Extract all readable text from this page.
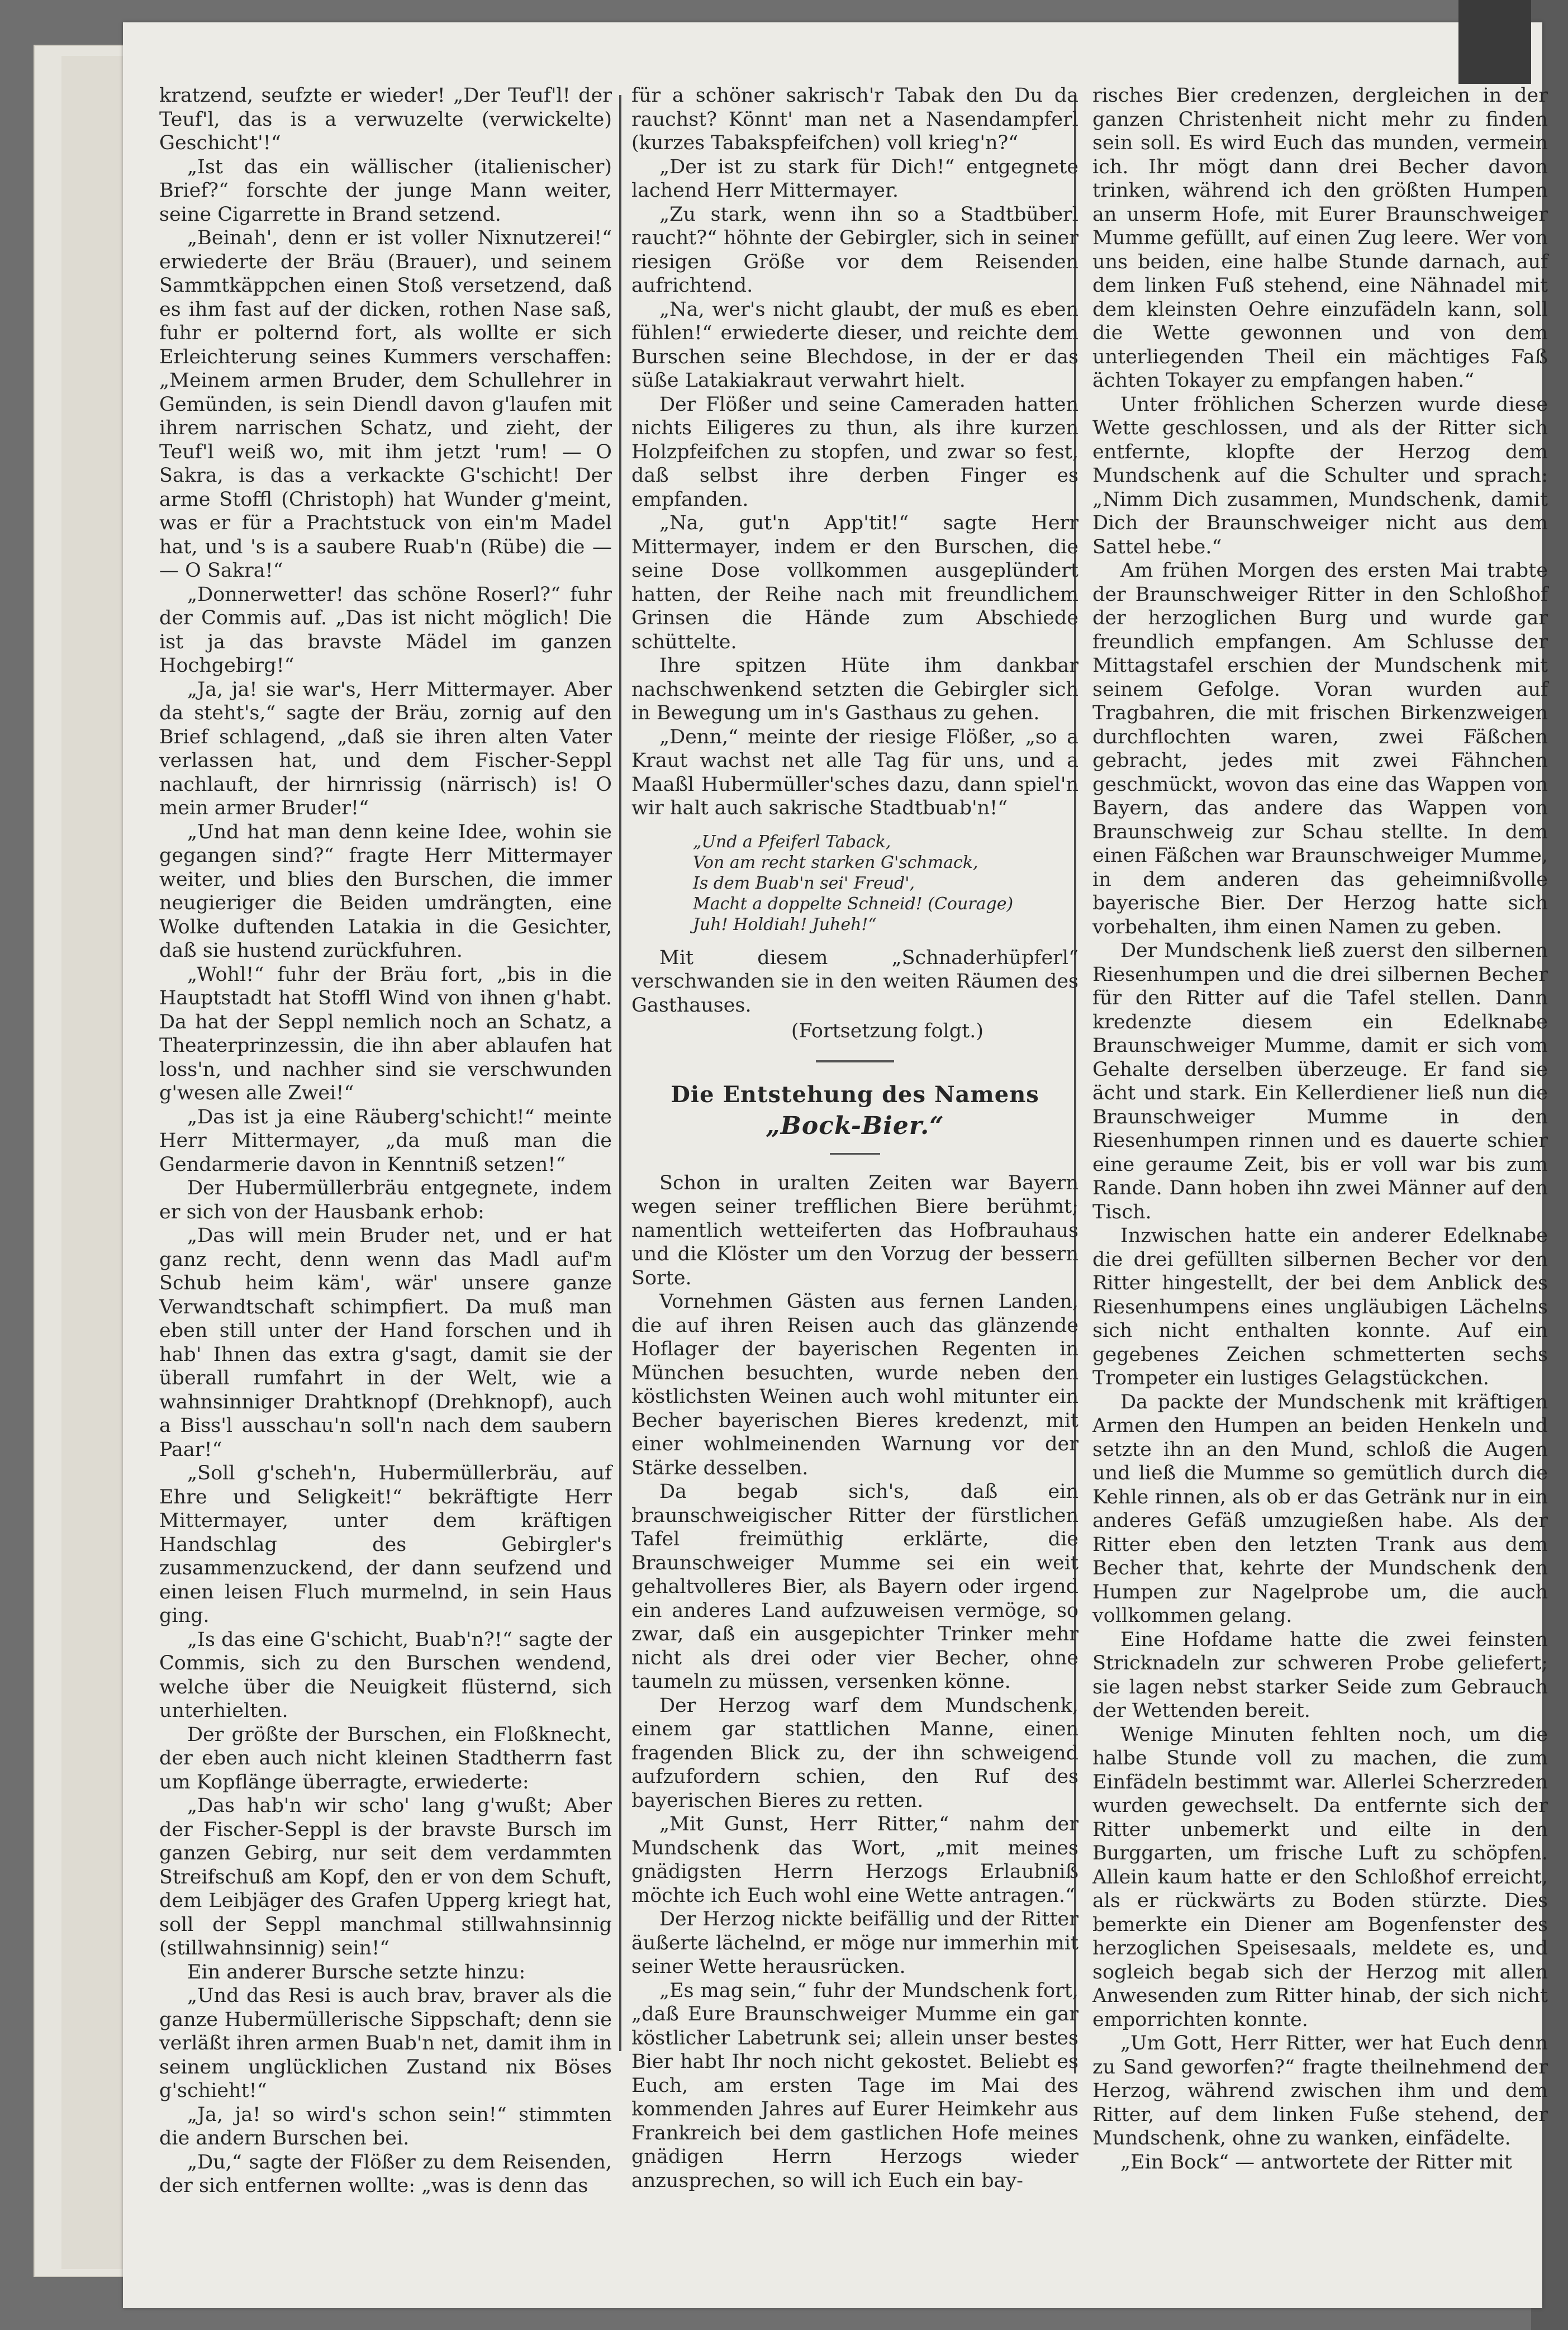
kratzend, seufzte er wieder! „Der Teuf'l! der Teuf'l, das is a verwuzelte (verwickelte) Geschicht'!“

„Ist das ein wällischer (italienischer) Brief?“ forschte der junge Mann weiter, seine Cigarrette in Brand setzend.

„Beinah', denn er ist voller Nixnutzerei!“ erwiederte der Bräu (Brauer), und seinem Sammtkäppchen einen Stoß versetzend, daß es ihm fast auf der dicken, rothen Nase saß, fuhr er polternd fort, als wollte er sich Erleichterung seines Kummers verschaffen: „Meinem armen Bruder, dem Schullehrer in Gemünden, is sein Diendl davon g'laufen mit ihrem narrischen Schatz, und zieht, der Teuf'l weiß wo, mit ihm jetzt 'rum! — O Sakra, is das a verkackte G'schicht! Der arme Stoffl (Christoph) hat Wunder g'meint, was er für a Prachtstuck von ein'm Madel hat, und 's is a saubere Ruab'n (Rübe) die — — O Sakra!“

„Donnerwetter! das schöne Roserl?“ fuhr der Commis auf. „Das ist nicht möglich! Die ist ja das bravste Mädel im ganzen Hochgebirg!“

„Ja, ja! sie war's, Herr Mittermayer. Aber da steht's,“ sagte der Bräu, zornig auf den Brief schlagend, „daß sie ihren alten Vater verlassen hat, und dem Fischer-Seppl nachlauft, der hirnrissig (närrisch) is! O mein armer Bruder!“

„Und hat man denn keine Idee, wohin sie gegangen sind?“ fragte Herr Mittermayer weiter, und blies den Burschen, die immer neugieriger die Beiden umdrängten, eine Wolke duftenden Latakia in die Gesichter, daß sie hustend zurückfuhren.

„Wohl!“ fuhr der Bräu fort, „bis in die Hauptstadt hat Stoffl Wind von ihnen g'habt. Da hat der Seppl nemlich noch an Schatz, a Theaterprinzessin, die ihn aber ablaufen hat loss'n, und nachher sind sie verschwunden g'wesen alle Zwei!“

„Das ist ja eine Räuberg'schicht!“ meinte Herr Mittermayer, „da muß man die Gendarmerie davon in Kenntniß setzen!“

Der Hubermüllerbräu entgegnete, indem er sich von der Hausbank erhob:

„Das will mein Bruder net, und er hat ganz recht, denn wenn das Madl auf'm Schub heim käm', wär' unsere ganze Verwandtschaft schimpfiert. Da muß man eben still unter der Hand forschen und ih hab' Ihnen das extra g'sagt, damit sie der überall rumfahrt in der Welt, wie a wahnsinniger Drahtknopf (Drehknopf), auch a Biss'l ausschau'n soll'n nach dem saubern Paar!“

„Soll g'scheh'n, Hubermüllerbräu, auf Ehre und Seligkeit!“ bekräftigte Herr Mittermayer, unter dem kräftigen Handschlag des Gebirgler's zusammenzuckend, der dann seufzend und einen leisen Fluch murmelnd, in sein Haus ging.

„Is das eine G'schicht, Buab'n?!“ sagte der Commis, sich zu den Burschen wendend, welche über die Neuigkeit flüsternd, sich unterhielten.

Der größte der Burschen, ein Floßknecht, der eben auch nicht kleinen Stadtherrn fast um Kopflänge überragte, erwiederte:

„Das hab'n wir scho' lang g'wußt; Aber der Fischer-Seppl is der bravste Bursch im ganzen Gebirg, nur seit dem verdammten Streifschuß am Kopf, den er von dem Schuft, dem Leibjäger des Grafen Upperg kriegt hat, soll der Seppl manchmal stillwahnsinnig (stillwahnsinnig) sein!“

Ein anderer Bursche setzte hinzu:

„Und das Resi is auch brav, braver als die ganze Hubermüllerische Sippschaft; denn sie verläßt ihren armen Buab'n net, damit ihm in seinem unglücklichen Zustand nix Böses g'schieht!“

„Ja, ja! so wird's schon sein!“ stimmten die andern Burschen bei.

„Du,“ sagte der Flößer zu dem Reisenden, der sich entfernen wollte: „was is denn das

für a schöner sakrisch'r Tabak den Du da rauchst? Könnt' man net a Nasendampferl (kurzes Tabakspfeifchen) voll krieg'n?“

„Der ist zu stark für Dich!“ entgegnete lachend Herr Mittermayer.

„Zu stark, wenn ihn so a Stadtbüberl raucht?“ höhnte der Gebirgler, sich in seiner riesigen Größe vor dem Reisenden aufrichtend.

„Na, wer's nicht glaubt, der muß es eben fühlen!“ erwiederte dieser, und reichte dem Burschen seine Blechdose, in der er das süße Latakiakraut verwahrt hielt.

Der Flößer und seine Cameraden hatten nichts Eiligeres zu thun, als ihre kurzen Holzpfeifchen zu stopfen, und zwar so fest, daß selbst ihre derben Finger es empfanden.

„Na, gut'n App'tit!“ sagte Herr Mittermayer, indem er den Burschen, die seine Dose vollkommen ausgeplündert hatten, der Reihe nach mit freundlichem Grinsen die Hände zum Abschiede schüttelte.

Ihre spitzen Hüte ihm dankbar nachschwenkend setzten die Gebirgler sich in Bewegung um in's Gasthaus zu gehen.

„Denn,“ meinte der riesige Flößer, „so a Kraut wachst net alle Tag für uns, und a Maaßl Hubermüller'sches dazu, dann spiel'n wir halt auch sakrische Stadtbuab'n!“

„Und a Pfeiferl Taback,
Von am recht starken G'schmack,
Is dem Buab'n sei' Freud',
Macht a doppelte Schneid! (Courage)
Juh! Holdiah! Juheh!“

Mit diesem „Schnaderhüpferl“ verschwanden sie in den weiten Räumen des Gasthauses.

(Fortsetzung folgt.)
Die Entstehung des Namens
„Bock-Bier.“

Schon in uralten Zeiten war Bayern wegen seiner trefflichen Biere berühmt; namentlich wetteiferten das Hofbrauhaus und die Klöster um den Vorzug der bessern Sorte.

Vornehmen Gästen aus fernen Landen, die auf ihren Reisen auch das glänzende Hoflager der bayerischen Regenten in München besuchten, wurde neben den köstlichsten Weinen auch wohl mitunter ein Becher bayerischen Bieres kredenzt, mit einer wohlmeinenden Warnung vor der Stärke desselben.

Da begab sich's, daß ein braunschweigischer Ritter der fürstlichen Tafel freimüthig erklärte, die Braunschweiger Mumme sei ein weit gehaltvolleres Bier, als Bayern oder irgend ein anderes Land aufzuweisen vermöge, so zwar, daß ein ausgepichter Trinker mehr nicht als drei oder vier Becher, ohne taumeln zu müssen, versenken könne.

Der Herzog warf dem Mundschenk, einem gar stattlichen Manne, einen fragenden Blick zu, der ihn schweigend aufzufordern schien, den Ruf des bayerischen Bieres zu retten.

„Mit Gunst, Herr Ritter,“ nahm der Mundschenk das Wort, „mit meines gnädigsten Herrn Herzogs Erlaubniß möchte ich Euch wohl eine Wette antragen.“

Der Herzog nickte beifällig und der Ritter äußerte lächelnd, er möge nur immerhin mit seiner Wette herausrücken.

„Es mag sein,“ fuhr der Mundschenk fort, „daß Eure Braunschweiger Mumme ein gar köstlicher Labetrunk sei; allein unser bestes Bier habt Ihr noch nicht gekostet. Beliebt es Euch, am ersten Tage im Mai des kommenden Jahres auf Eurer Heimkehr aus Frankreich bei dem gastlichen Hofe meines gnädigen Herrn Herzogs wieder anzusprechen, so will ich Euch ein bay-

risches Bier credenzen, dergleichen in der ganzen Christenheit nicht mehr zu finden sein soll. Es wird Euch das munden, vermein ich. Ihr mögt dann drei Becher davon trinken, während ich den größten Humpen an unserm Hofe, mit Eurer Braunschweiger Mumme gefüllt, auf einen Zug leere. Wer von uns beiden, eine halbe Stunde darnach, auf dem linken Fuß stehend, eine Nähnadel mit dem kleinsten Oehre einzufädeln kann, soll die Wette gewonnen und von dem unterliegenden Theil ein mächtiges Faß ächten Tokayer zu empfangen haben.“

Unter fröhlichen Scherzen wurde diese Wette geschlossen, und als der Ritter sich entfernte, klopfte der Herzog dem Mundschenk auf die Schulter und sprach: „Nimm Dich zusammen, Mundschenk, damit Dich der Braunschweiger nicht aus dem Sattel hebe.“

Am frühen Morgen des ersten Mai trabte der Braunschweiger Ritter in den Schloßhof der herzoglichen Burg und wurde gar freundlich empfangen. Am Schlusse der Mittagstafel erschien der Mundschenk mit seinem Gefolge. Voran wurden auf Tragbahren, die mit frischen Birkenzweigen durchflochten waren, zwei Fäßchen gebracht, jedes mit zwei Fähnchen geschmückt, wovon das eine das Wappen von Bayern, das andere das Wappen von Braunschweig zur Schau stellte. In dem einen Fäßchen war Braunschweiger Mumme, in dem anderen das geheimnißvolle bayerische Bier. Der Herzog hatte sich vorbehalten, ihm einen Namen zu geben.

Der Mundschenk ließ zuerst den silbernen Riesenhumpen und die drei silbernen Becher für den Ritter auf die Tafel stellen. Dann kredenzte diesem ein Edelknabe Braunschweiger Mumme, damit er sich vom Gehalte derselben überzeuge. Er fand sie ächt und stark. Ein Kellerdiener ließ nun die Braunschweiger Mumme in den Riesenhumpen rinnen und es dauerte schier eine geraume Zeit, bis er voll war bis zum Rande. Dann hoben ihn zwei Männer auf den Tisch.

Inzwischen hatte ein anderer Edelknabe die drei gefüllten silbernen Becher vor den Ritter hingestellt, der bei dem Anblick des Riesenhumpens eines ungläubigen Lächelns sich nicht enthalten konnte. Auf ein gegebenes Zeichen schmetterten sechs Trompeter ein lustiges Gelagstückchen.

Da packte der Mundschenk mit kräftigen Armen den Humpen an beiden Henkeln und setzte ihn an den Mund, schloß die Augen und ließ die Mumme so gemütlich durch die Kehle rinnen, als ob er das Getränk nur in ein anderes Gefäß umzugießen habe. Als der Ritter eben den letzten Trank aus dem Becher that, kehrte der Mundschenk den Humpen zur Nagelprobe um, die auch vollkommen gelang.

Eine Hofdame hatte die zwei feinsten Stricknadeln zur schweren Probe geliefert; sie lagen nebst starker Seide zum Gebrauch der Wettenden bereit.

Wenige Minuten fehlten noch, um die halbe Stunde voll zu machen, die zum Einfädeln bestimmt war. Allerlei Scherzreden wurden gewechselt. Da entfernte sich der Ritter unbemerkt und eilte in den Burggarten, um frische Luft zu schöpfen. Allein kaum hatte er den Schloßhof erreicht, als er rückwärts zu Boden stürzte. Dies bemerkte ein Diener am Bogenfenster des herzoglichen Speisesaals, meldete es, und sogleich begab sich der Herzog mit allen Anwesenden zum Ritter hinab, der sich nicht emporrichten konnte.

„Um Gott, Herr Ritter, wer hat Euch denn zu Sand geworfen?“ fragte theilnehmend der Herzog, während zwischen ihm und dem Ritter, auf dem linken Fuße stehend, der Mundschenk, ohne zu wanken, einfädelte.

„Ein Bock“ — antwortete der Ritter mit
